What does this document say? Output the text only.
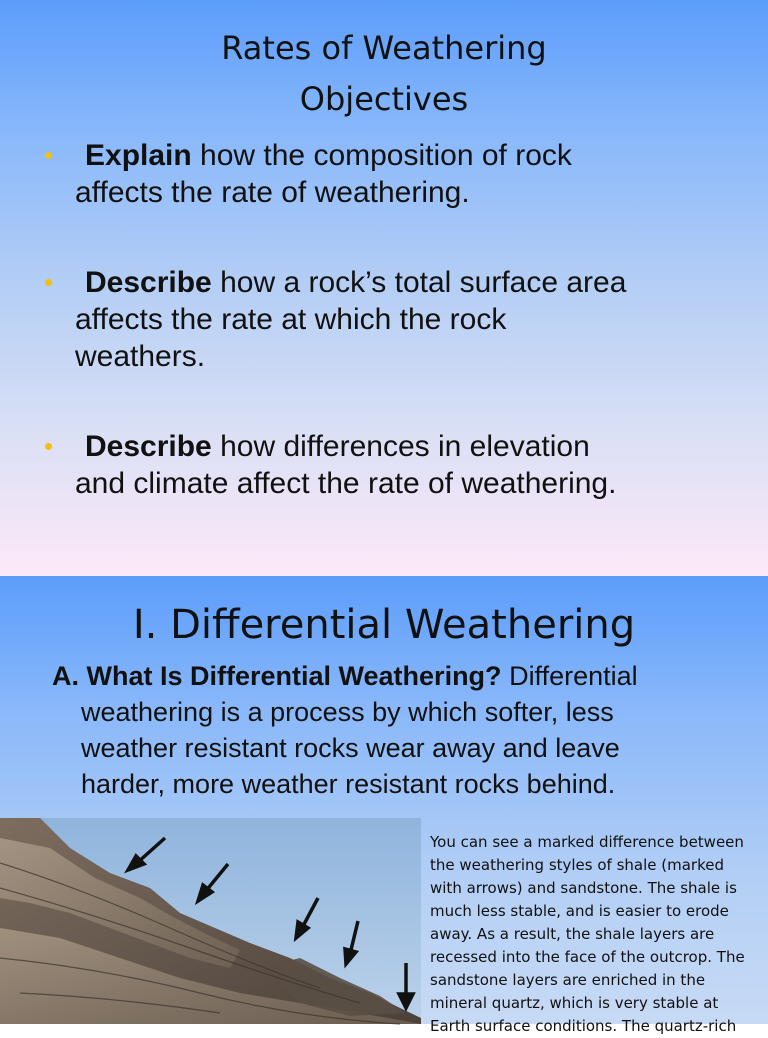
Rates of Weathering
Objectives
•	Explain how the composition of rock
affects the rate of weathering.
•	Describe how a rock’s total surface area
affects the rate at which the rock
weathers.
•	Describe how differences in elevation
and climate affect the rate of weathering.
I. Differential Weathering
A. What Is Differential Weathering? Differential
weathering is a process by which softer, less
weather resistant rocks wear away and leave
harder, more weather resistant rocks behind.
You can see a marked difference between the weathering styles of shale (marked with arrows) and sandstone. The shale is much less stable, and is easier to erode away. As a result, the shale layers are recessed into the face of the outcrop. The sandstone layers are enriched in the mineral quartz, which is very stable at Earth surface conditions. The quartz-rich
